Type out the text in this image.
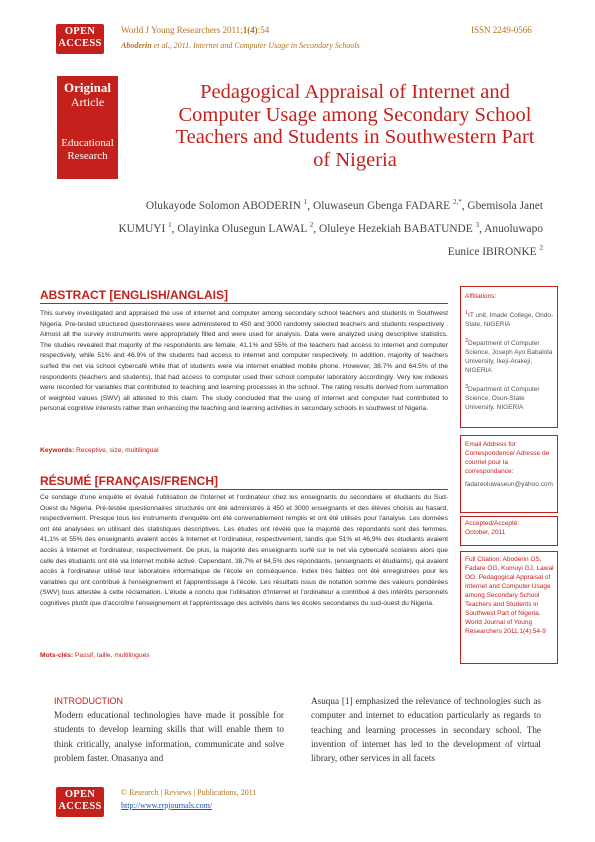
OPEN
ACCESS
World J Young Researchers 2011;1(4):54
Aboderin et al., 2011. Internet and Computer Usage in Secondary Schools
ISSN 2249-0566
Original
Article
Educational
Research
Pedagogical Appraisal of Internet and Computer Usage among Secondary School Teachers and Students in Southwestern Part of Nigeria
Olukayode Solomon ABODERIN $^1$, Oluwaseun Gbenga FADARE $^{2,*}$, Gbemisola Janet
KUMUYI $^1$, Olayinka Olusegun LAWAL $^2$, Oluleye Hezekiah BABATUNDE $^3$, Anuoluwapo
Eunice IBIRONKE $^2$
ABSTRACT [ENGLISH/ANGLAIS]
This survey investigated and appraised the use of internet and computer among secondary school teachers and students in Southwest Nigeria. Pre-tested structured questionnaires were administered to 450 and 3000 randomly selected teachers and students respectively . Almost all the survey instruments were appropriately filled and were used for analysis. Data were analyzed using descriptive statistics. The studies revealed that majority of the respondents are female. 41.1% and 55% of the teachers had access to internet and computer respectively, while 51% and 46.9% of the students had access to internet and computer respectively. In addition, majority of teachers surfed the net via school cybercafé while that of students were via internet enabled mobile phone. However, 38.7% and 64.5% of the respondents (teachers and students), that had access to computer used their school computer laboratory accordingly. Very low indexes were recorded for variables that contributed to teaching and learning processes in the school. The rating results derived from summation of weighted values (SWV) all attested to this claim. The study concluded that the using of internet and computer had contributed to personal cognitive interests rather than enhancing the teaching and learning activities in secondary schools in southwest of Nigeria.
Keywords: Receptive, size, multilingual
RÉSUMÉ [FRANÇAIS/FRENCH]
Ce sondage d'une enquête et évalué l'utilisation de l'Internet et l'ordinateur chez les enseignants du secondaire et étudiants du Sud-Ouest du Nigeria. Pré-testée questionnaires structurés ont été administrés à 450 et 3000 enseignants et des élèves choisis au hasard, respectivement. Presque tous les instruments d'enquête ont été convenablement remplis et ont été utilisés pour l'analyse. Les données ont été analysées en utilisant des statistiques descriptives. Les études ont révélé que la majorité des répondants sont des femmes. 41,1% et 55% des enseignants avaient accès à Internet et l'ordinateur, respectivement, tandis que 51% et 46,9% des étudiants avaient accès à Internet et l'ordinateur, respectivement. De plus, la majorité des enseignants surfé sur le net via cybercafé scolaires alors que celle des étudiants ont été via Internet mobile activé. Cependant, 38,7% et 64,5% des répondants, (enseignants et étudiants), qui avaient accès à l'ordinateur utilisé leur laboratoire informatique de l'école en conséquence. Index très faibles ont été enregistrées pour les variables qui ont contribué à l'enseignement et l'apprentissage à l'école. Les résultats issus de notation somme des valeurs pondérées (SWV) tous attestée à cette réclamation. L'étude a conclu que l'utilisation d'Internet et l'ordinateur a contribué à des intérêts personnels cognitives plutôt que d'accroître l'enseignement et l'apprentissage des activités dans les écoles secondaires du sud-ouest du Nigeria.
Mots-clés: Passif, taille, multilingues
Affiliations:
$^1$IT unit, Imade College, Ondo-State, NIGERIA
$^2$Department of Computer Science, Joseph Ayo Babalola University, Ikeji-Arakeji, NIGERIA
$^3$Department of Computer Science, Osun-State University, NIGERIA
Email Address for Correspondence/ Adresse de courriel pour la correspondance:
fadareoluwaseun@yahoo.com
Accepted/Accepté:
October, 2011
Full Citation: Aboderin OS, Fadare OG, Kumuyi GJ, Lawal OO. Pedagogical Appraisal of Internet and Computer Usage among Secondary School Teachers and Students in Southwest Part of Nigeria. World Journal of Young Researchers 2011;1(4):54-9
INTRODUCTION
Modern educational technologies have made it possible for students to develop learning skills that will enable them to think critically, analyse information, communicate and solve problem faster. Onasanya and
Asuqua [1] emphasized the relevance of technologies such as computer and internet to education particularly as regards to teaching and learning processes in secondary school. The invention of internet has led to the development of virtual library, other services in all facets
OPEN
ACCESS
© Research | Reviews | Publications, 2011
http://www.rrpjournals.com/
